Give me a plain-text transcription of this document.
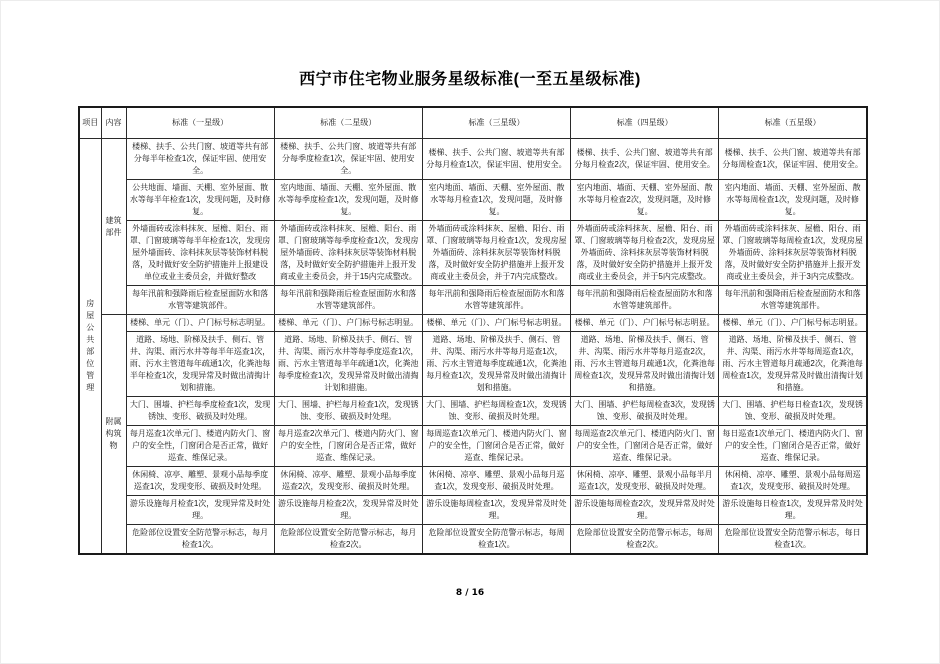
西宁市住宅物业服务星级标准(一至五星级标准)
项目	内容	标准（一星级）	标准（二星级）	标准（三星级）	标准（四星级）	标准（五星级）
房屋公共部位管理	建筑部件	楼梯、扶手、公共门窗、坡道等共有部分每半年检查1次，保证牢固、使用安全。	楼梯、扶手、公共门窗、坡道等共有部分每季度检查1次，保证牢固、使用安全。	楼梯、扶手、公共门窗、坡道等共有部分每月检查1次，保证牢固、使用安全。	楼梯、扶手、公共门窗、坡道等共有部分每月检查2次，保证牢固、使用安全。	楼梯、扶手、公共门窗、坡道等共有部分每周检查1次，保证牢固、使用安全。
		公共地面、墙面、天棚、室外屋面、散水等每半年检查1次，发现问题，及时修复。	室内地面、墙面、天棚、室外屋面、散水等每季度检查1次，发现问题，及时修复。	室内地面、墙面、天棚、室外屋面、散水等每月检查1次，发现问题，及时修复。	室内地面、墙面、天棚、室外屋面、散水等每月检查2次，发现问题，及时修复。	室内地面、墙面、天棚、室外屋面、散水等每周检查1次，发现问题，及时修复。
		外墙面砖或涂料抹灰、屋檐、阳台、雨罩、门窗玻璃等每半年检查1次，发现房屋外墙面砖、涂料抹灰层等装饰材料脱落，及时做好安全防护措施并上报建设单位或业主委员会，并做好整改	外墙面砖或涂料抹灰、屋檐、阳台、雨罩、门窗玻璃等每季度检查1次，发现房屋外墙面砖、涂料抹灰层等装饰材料脱落，及时做好安全防护措施并上报开发商或业主委员会，并于15内完成整改。	外墙面砖或涂料抹灰、屋檐、阳台、雨罩、门窗玻璃等每月检查1次，发现房屋外墙面砖、涂料抹灰层等装饰材料脱落，及时做好安全防护措施并上报开发商或业主委员会，并于7内完成整改。	外墙面砖或涂料抹灰、屋檐、阳台、雨罩、门窗玻璃等每月检查2次，发现房屋外墙面砖、涂料抹灰层等装饰材料脱落，及时做好安全防护措施并上报开发商或业主委员会，并于5内完成整改。	外墙面砖或涂料抹灰、屋檐、阳台、雨罩、门窗玻璃等每周检查1次，发现房屋外墙面砖、涂料抹灰层等装饰材料脱落，及时做好安全防护措施并上报开发商或业主委员会，并于3内完成整改。
		每年汛前和强降雨后检查屋面防水和落水管等建筑部件。	每年汛前和强降雨后检查屋面防水和落水管等建筑部件。	每年汛前和强降雨后检查屋面防水和落水管等建筑部件。	每年汛前和强降雨后检查屋面防水和落水管等建筑部件。	每年汛前和强降雨后检查屋面防水和落水管等建筑部件。
	附属构筑物	楼梯、单元（门）、户门标号标志明显。	楼梯、单元（门）、户门标号标志明显。	楼梯、单元（门）、户门标号标志明显。	楼梯、单元（门）、户门标号标志明显。	楼梯、单元（门）、户门标号标志明显。
		道路、场地、阶梯及扶手、侧石、管井、沟渠、雨污水井等每半年巡查1次，雨、污水主管道每年疏通1次，化粪池每半年检查1次，发现异常及时做出清掏计划和措施。	道路、场地、阶梯及扶手、侧石、管井、沟渠、雨污水井等每季度巡查1次，雨、污水主管道每半年疏通1次，化粪池每季度检查1次，发现异常及时做出清掏计划和措施。	道路、场地、阶梯及扶手、侧石、管井、沟渠、雨污水井等每月巡查1次，雨、污水主管道每季度疏通1次，化粪池每月检查1次，发现异常及时做出清掏计划和措施。	道路、场地、阶梯及扶手、侧石、管井、沟渠、雨污水井等每月巡查2次，雨、污水主管道每月疏通1次，化粪池每周检查1次，发现异常及时做出清掏计划和措施。	道路、场地、阶梯及扶手、侧石、管井、沟渠、雨污水井等每周巡查1次，雨、污水主管道每月疏通2次，化粪池每周检查1次，发现异常及时做出清掏计划和措施。
		大门、围墙、护栏每季度检查1次，发现锈蚀、变形、破损及时处理。	大门、围墙、护栏每月检查1次，发现锈蚀、变形、破损及时处理。	大门、围墙、护栏每周检查1次，发现锈蚀、变形、破损及时处理。	大门、围墙、护栏每周检查3次，发现锈蚀、变形、破损及时处理。	大门、围墙、护栏每日检查1次，发现锈蚀、变形、破损及时处理。
		每月巡查1次单元门、楼道内防火门、窗户的安全性，门窗闭合是否正常，做好巡查、维保记录。	每月巡查2次单元门、楼道内防火门、窗户的安全性，门窗闭合是否正常，做好巡查、维保记录。	每周巡查1次单元门、楼道内防火门、窗户的安全性，门窗闭合是否正常，做好巡查、维保记录。	每周巡查2次单元门、楼道内防火门、窗户的安全性，门窗闭合是否正常，做好巡查、维保记录。	每日巡查1次单元门、楼道内防火门、窗户的安全性，门窗闭合是否正常，做好巡查、维保记录。
		休闲椅、凉亭、雕塑、景观小品每季度巡查1次，发现变形、破损及时处理。	休闲椅、凉亭、雕塑、景观小品每季度巡查2次，发现变形、破损及时处理。	休闲椅、凉亭、雕塑、景观小品每月巡查1次，发现变形、破损及时处理。	休闲椅、凉亭、雕塑、景观小品每半月巡查1次，发现变形、破损及时处理。	休闲椅、凉亭、雕塑、景观小品每周巡查1次，发现变形、破损及时处理。
		游乐设施每月检查1次，发现异常及时处理。	游乐设施每月检查2次，发现异常及时处理。	游乐设施每周检查1次，发现异常及时处理。	游乐设施每周检查2次，发现异常及时处理。	游乐设施每日检查1次，发现异常及时处理。
		危险部位设置安全防范警示标志，每月检查1次。	危险部位设置安全防范警示标志，每月检查2次。	危险部位设置安全防范警示标志，每周检查1次。	危险部位设置安全防范警示标志，每周检查2次。	危险部位设置安全防范警示标志，每日检查1次。
8 / 16
